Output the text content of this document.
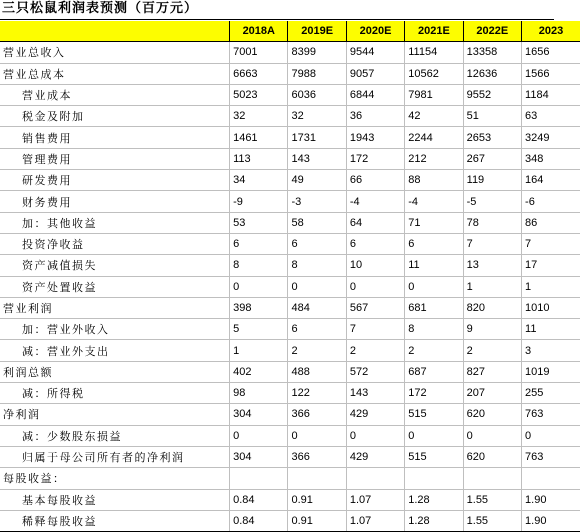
三只松鼠利润表预测（百万元）
	2018A	2019E	2020E	2021E	2022E	2023
营业总收入	7001	8399	9544	11154	13358	1656
营业总成本	6663	7988	9057	10562	12636	1566
营业成本	5023	6036	6844	7981	9552	1184
税金及附加	32	32	36	42	51	63
销售费用	1461	1731	1943	2244	2653	3249
管理费用	113	143	172	212	267	348
研发费用	34	49	66	88	119	164
财务费用	-9	-3	-4	-4	-5	-6
加：其他收益	53	58	64	71	78	86
投资净收益	6	6	6	6	7	7
资产减值损失	8	8	10	11	13	17
资产处置收益	0	0	0	0	1	1
营业利润	398	484	567	681	820	1010
加：营业外收入	5	6	7	8	9	11
减：营业外支出	1	2	2	2	2	3
利润总额	402	488	572	687	827	1019
减：所得税	98	122	143	172	207	255
净利润	304	366	429	515	620	763
减：少数股东损益	0	0	0	0	0	0
归属于母公司所有者的净利润	304	366	429	515	620	763
每股收益：						
基本每股收益	0.84	0.91	1.07	1.28	1.55	1.90
稀释每股收益	0.84	0.91	1.07	1.28	1.55	1.90
